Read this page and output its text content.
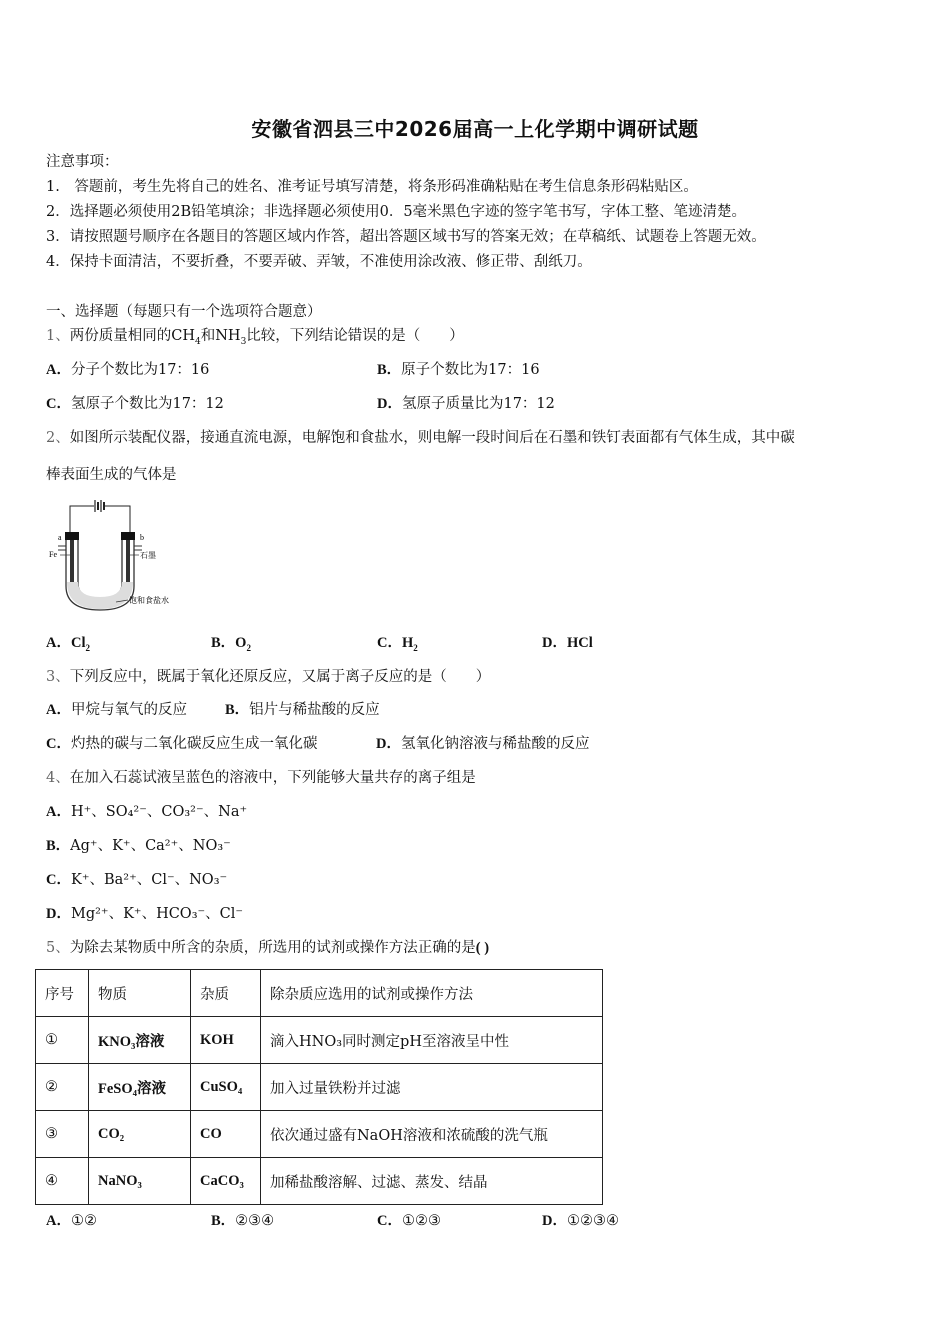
安徽省泗县三中2026届高一上化学期中调研试题
注意事项：
1.　答题前，考生先将自己的姓名、准考证号填写清楚，将条形码准确粘贴在考生信息条形码粘贴区。
2．选择题必须使用2B铅笔填涂；非选择题必须使用0．5毫米黑色字迹的签字笔书写，字体工整、笔迹清楚。
3．请按照题号顺序在各题目的答题区域内作答，超出答题区域书写的答案无效；在草稿纸、试题卷上答题无效。
4．保持卡面清洁，不要折叠，不要弄破、弄皱，不准使用涂改液、修正带、刮纸刀。
一、选择题（每题只有一个选项符合题意）
1、两份质量相同的$CH_4$和$NH_3$比较，下列结论错误的是（　　）
A．分子个数比为17：16	B．原子个数比为17：16
C．氢原子个数比为17：12	D．氢原子质量比为17：12
2、如图所示装配仪器，接通直流电源，电解饱和食盐水，则电解一段时间后在石墨和铁钉表面都有气体生成，其中碳
棒表面生成的气体是
a	b
Fe	石墨
饱和食盐水
A．$Cl_2$	B．$O_2$	C．$H_2$	D．HCl
3、下列反应中，既属于氧化还原反应，又属于离子反应的是（　　）
A．甲烷与氧气的反应	B．铝片与稀盐酸的反应
C．灼热的碳与二氧化碳反应生成一氧化碳	D．氢氧化钠溶液与稀盐酸的反应
4、在加入石蕊试液呈蓝色的溶液中，下列能够大量共存的离子组是
A．H⁺、SO₄²⁻、CO₃²⁻、Na⁺
B．Ag⁺、K⁺、Ca²⁺、NO₃⁻
C．K⁺、Ba²⁺、Cl⁻、NO₃⁻
D．Mg²⁺、K⁺、HCO₃⁻、Cl⁻
5、为除去某物质中所含的杂质，所选用的试剂或操作方法正确的是( )
序号	物质	杂质	除杂质应选用的试剂或操作方法
①	KNO₃溶液	KOH	滴入HNO₃同时测定pH至溶液呈中性
②	FeSO₄溶液	CuSO₄	加入过量铁粉并过滤
③	CO₂	CO	依次通过盛有NaOH溶液和浓硫酸的洗气瓶
④	NaNO₃	CaCO₃	加稀盐酸溶解、过滤、蒸发、结晶
A．①②	B．②③④	C．①②③	D．①②③④
